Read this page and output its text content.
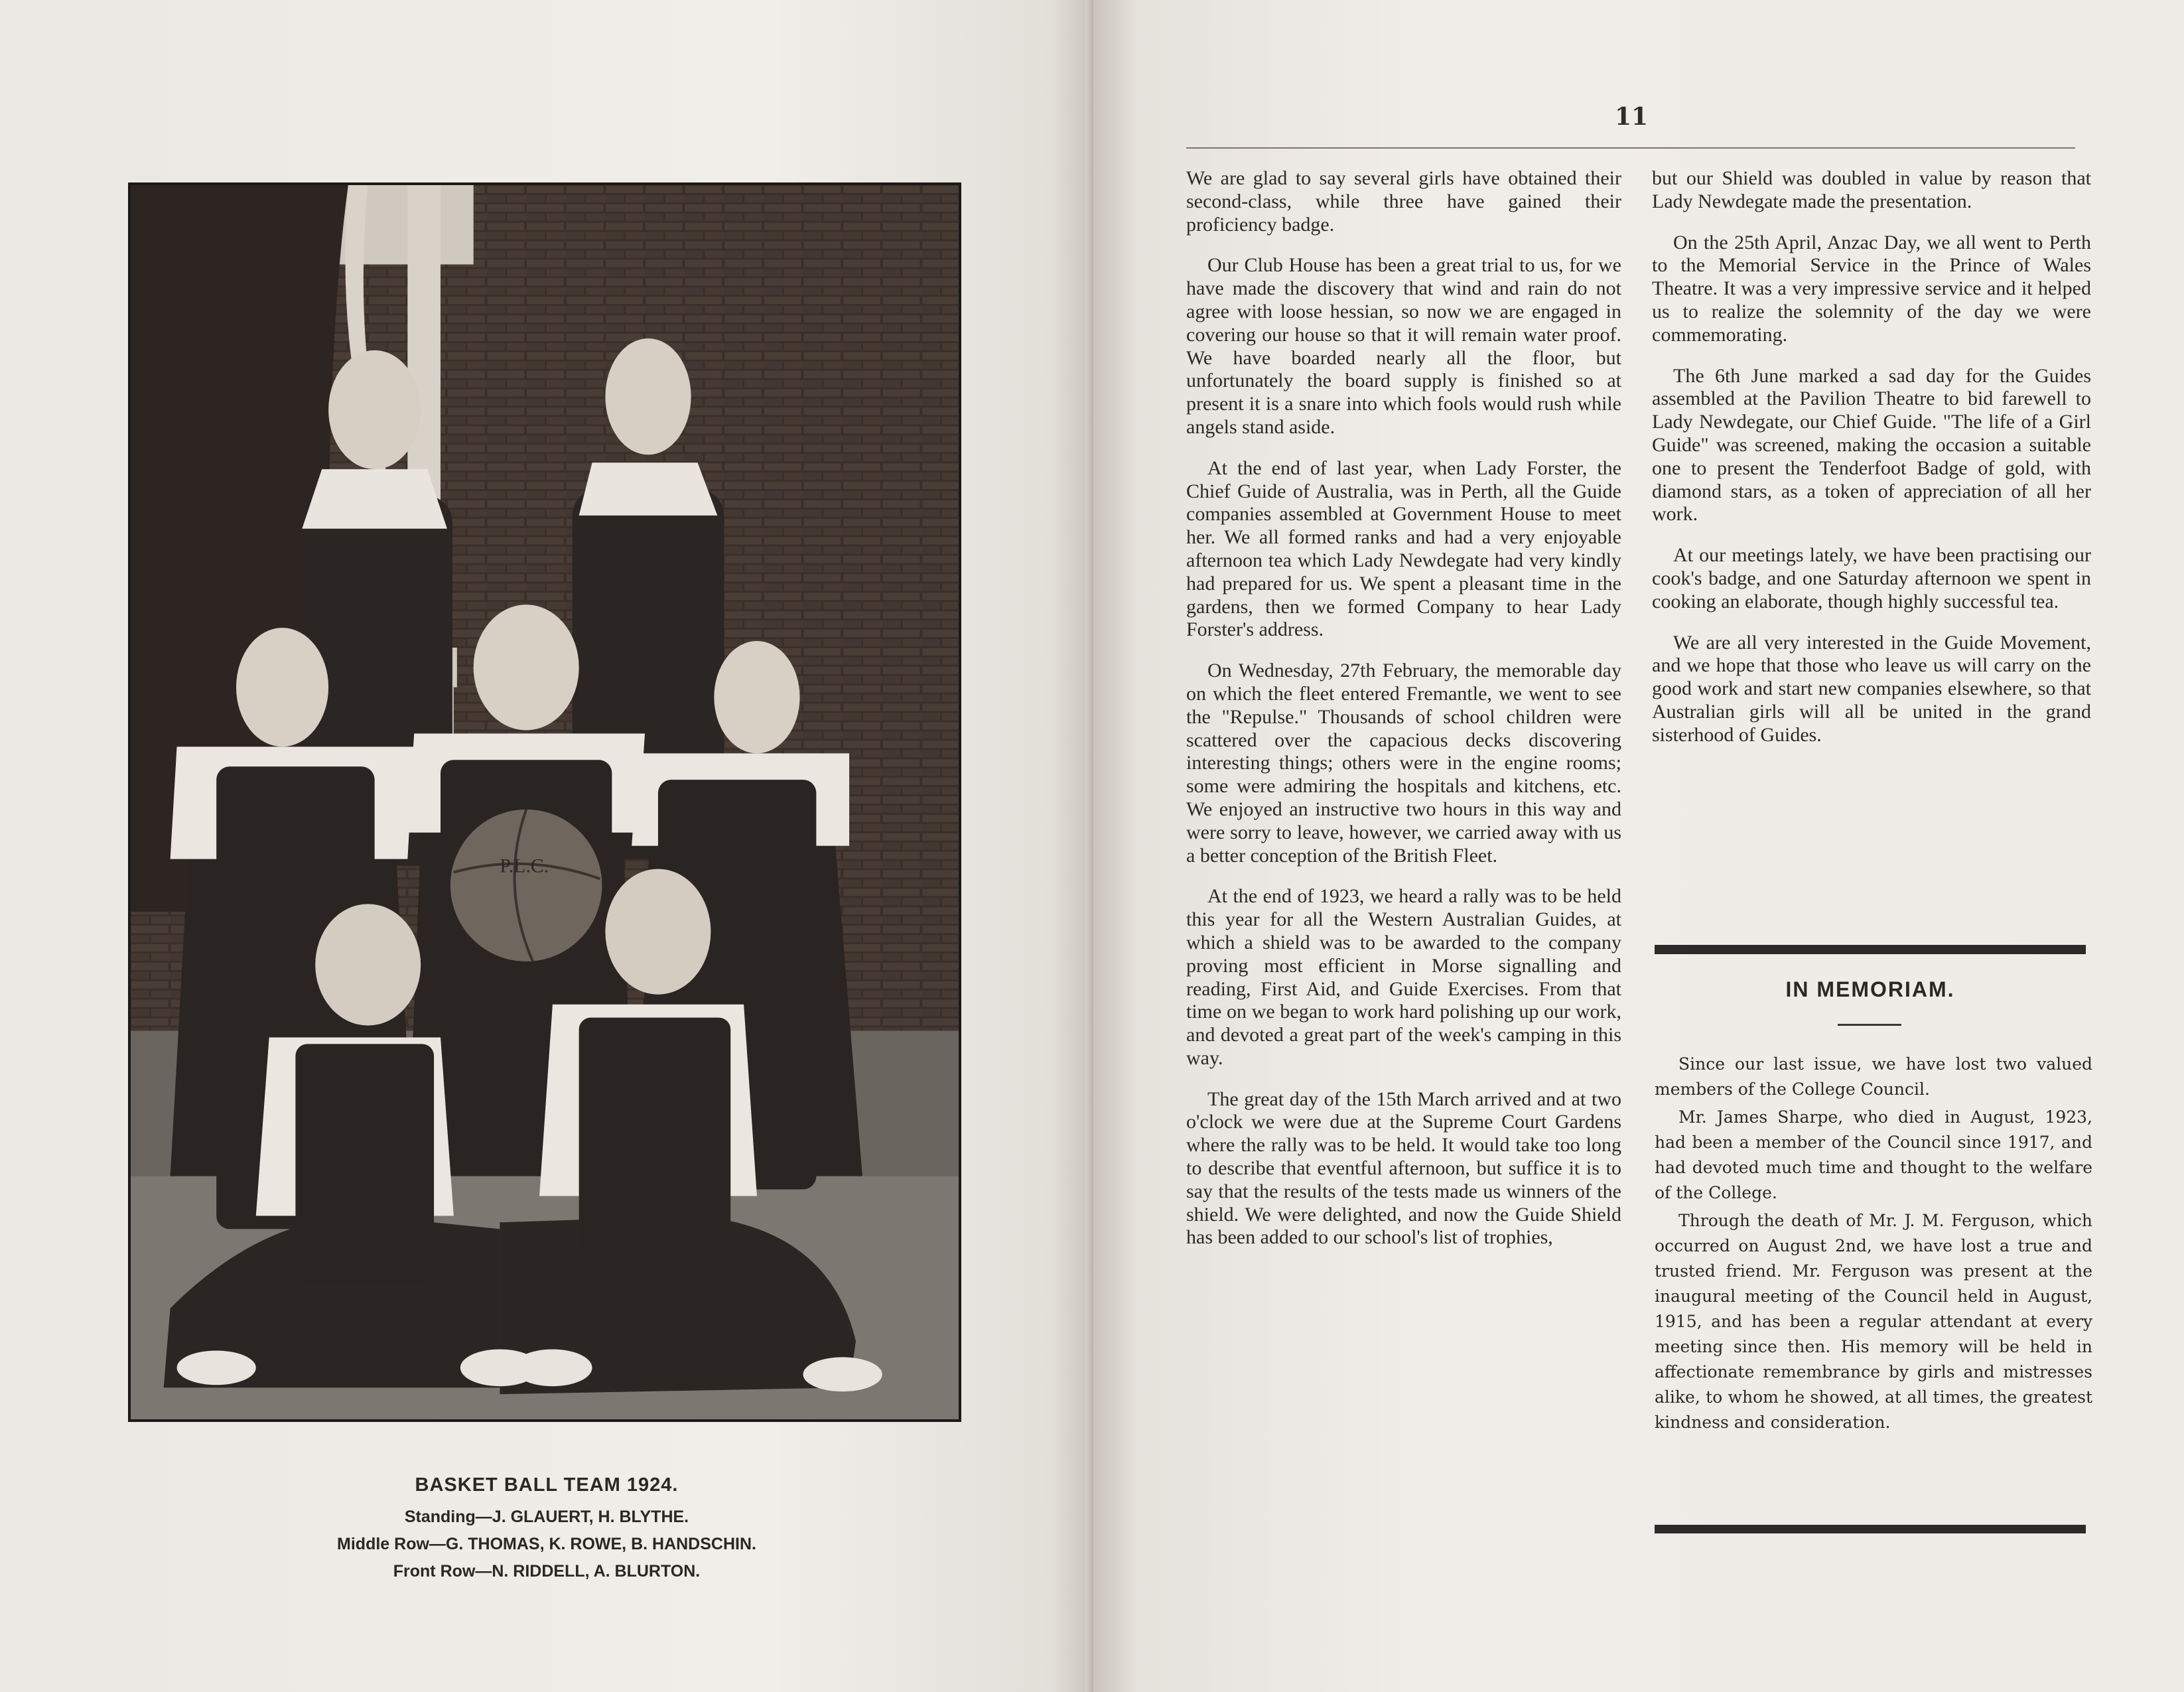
P.L.C.
BASKET BALL TEAM 1924.
Standing—J. GLAUERT, H. BLYTHE.
Middle Row—G. THOMAS, K. ROWE, B. HANDSCHIN.
Front Row—N. RIDDELL, A. BLURTON.
11

We are glad to say several girls have obtained their second-class, while three have gained their proficiency badge.

Our Club House has been a great trial to us, for we have made the discovery that wind and rain do not agree with loose hessian, so now we are engaged in covering our house so that it will remain water proof. We have boarded nearly all the floor, but unfortunately the board supply is finished so at present it is a snare into which fools would rush while angels stand aside.

At the end of last year, when Lady Forster, the Chief Guide of Australia, was in Perth, all the Guide companies assembled at Government House to meet her. We all formed ranks and had a very enjoyable afternoon tea which Lady Newdegate had very kindly had prepared for us. We spent a pleasant time in the gardens, then we formed Company to hear Lady Forster's address.

On Wednesday, 27th February, the memorable day on which the fleet entered Fremantle, we went to see the "Repulse." Thousands of school children were scattered over the capacious decks discovering interesting things; others were in the engine rooms; some were admiring the hospitals and kitchens, etc. We enjoyed an instructive two hours in this way and were sorry to leave, however, we carried away with us a better conception of the British Fleet.

At the end of 1923, we heard a rally was to be held this year for all the Western Australian Guides, at which a shield was to be awarded to the company proving most efficient in Morse signalling and reading, First Aid, and Guide Exercises. From that time on we began to work hard polishing up our work, and devoted a great part of the week's camping in this way.

The great day of the 15th March arrived and at two o'clock we were due at the Supreme Court Gardens where the rally was to be held. It would take too long to describe that eventful afternoon, but suffice it is to say that the results of the tests made us winners of the shield. We were delighted, and now the Guide Shield has been added to our school's list of trophies,

but our Shield was doubled in value by reason that Lady Newdegate made the presentation.

On the 25th April, Anzac Day, we all went to Perth to the Memorial Service in the Prince of Wales Theatre. It was a very impressive service and it helped us to realize the solemnity of the day we were commemorating.

The 6th June marked a sad day for the Guides assembled at the Pavilion Theatre to bid farewell to Lady Newdegate, our Chief Guide. "The life of a Girl Guide" was screened, making the occasion a suitable one to present the Tenderfoot Badge of gold, with diamond stars, as a token of appreciation of all her work.

At our meetings lately, we have been practising our cook's badge, and one Saturday afternoon we spent in cooking an elaborate, though highly successful tea.

We are all very interested in the Guide Movement, and we hope that those who leave us will carry on the good work and start new companies elsewhere, so that Australian girls will all be united in the grand sisterhood of Guides.

IN MEMORIAM.

Since our last issue, we have lost two valued members of the College Council.

Mr. James Sharpe, who died in August, 1923, had been a member of the Council since 1917, and had devoted much time and thought to the welfare of the College.

Through the death of Mr. J. M. Ferguson, which occurred on August 2nd, we have lost a true and trusted friend. Mr. Ferguson was present at the inaugural meeting of the Council held in August, 1915, and has been a regular attendant at every meeting since then. His memory will be held in affectionate remembrance by girls and mistresses alike, to whom he showed, at all times, the greatest kindness and consideration.
